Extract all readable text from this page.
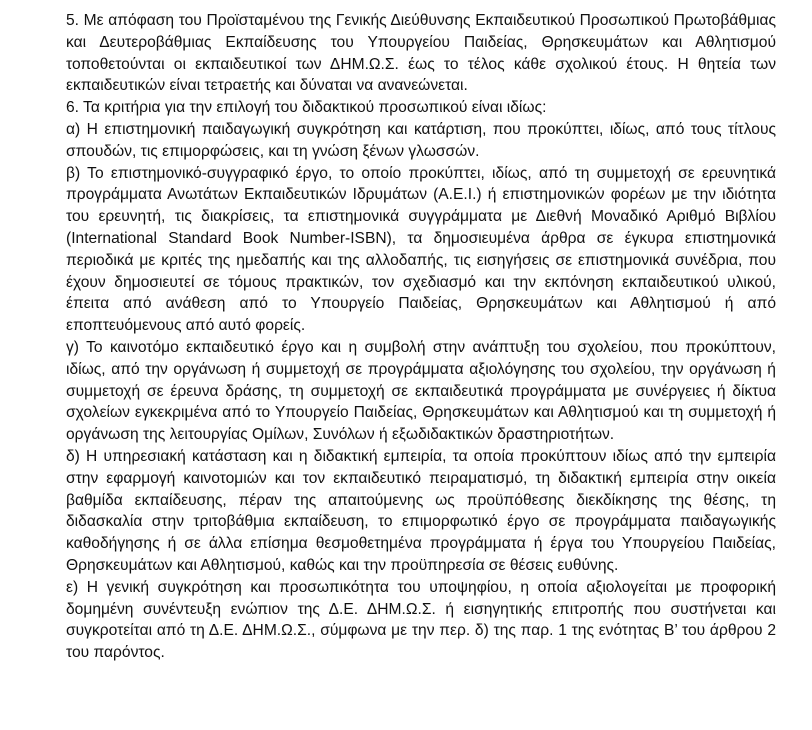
5. Με απόφαση του Προϊσταμένου της Γενικής Διεύθυνσης Εκπαιδευτικού Προσωπικού Πρωτοβάθμιας και Δευτεροβάθμιας Εκπαίδευσης του Υπουργείου Παιδείας, Θρησκευμάτων και Αθλητισμού τοποθετούνται οι εκπαιδευτικοί των ΔΗΜ.Ω.Σ. έως το τέλος κάθε σχολικού έτους. Η θητεία των εκπαιδευτικών είναι τετραετής και δύναται να ανανεώνεται.

6. Τα κριτήρια για την επιλογή του διδακτικού προσωπικού είναι ιδίως:

α) Η επιστημονική παιδαγωγική συγκρότηση και κατάρτιση, που προκύπτει, ιδίως, από τους τίτλους σπουδών, τις επιμορφώσεις, και τη γνώση ξένων γλωσσών.

β) Το επιστημονικό-συγγραφικό έργο, το οποίο προκύπτει, ιδίως, από τη συμμετοχή σε ερευνητικά προγράμματα Ανωτάτων Εκπαιδευτικών Ιδρυμάτων (Α.Ε.Ι.) ή επιστημονικών φορέων με την ιδιότητα του ερευνητή, τις διακρίσεις, τα επιστημονικά συγγράμματα με Διεθνή Μοναδικό Αριθμό Βιβλίου (International Standard Book Number-ISBN), τα δημοσιευμένα άρθρα σε έγκυρα επιστημονικά περιοδικά με κριτές της ημεδαπής και της αλλοδαπής, τις εισηγήσεις σε επιστημονικά συνέδρια, που έχουν δημοσιευτεί σε τόμους πρακτικών, τον σχεδιασμό και την εκπόνηση εκπαιδευτικού υλικού, έπειτα από ανάθεση από το Υπουργείο Παιδείας, Θρησκευμάτων και Αθλητισμού ή από εποπτευόμενους από αυτό φορείς.

γ) Το καινοτόμο εκπαιδευτικό έργο και η συμβολή στην ανάπτυξη του σχολείου, που προκύπτουν, ιδίως, από την οργάνωση ή συμμετοχή σε προγράμματα αξιολόγησης του σχολείου, την οργάνωση ή συμμετοχή σε έρευνα δράσης, τη συμμετοχή σε εκπαιδευτικά προγράμματα με συνέργειες ή δίκτυα σχολείων εγκεκριμένα από το Υπουργείο Παιδείας, Θρησκευμάτων και Αθλητισμού και τη συμμετοχή ή οργάνωση της λειτουργίας Ομίλων, Συνόλων ή εξωδιδακτικών δραστηριοτήτων.

δ) Η υπηρεσιακή κατάσταση και η διδακτική εμπειρία, τα οποία προκύπτουν ιδίως από την εμπειρία στην εφαρμογή καινοτομιών και τον εκπαιδευτικό πειραματισμό, τη διδακτική εμπειρία στην οικεία βαθμίδα εκπαίδευσης, πέραν της απαιτούμενης ως προϋπόθεσης διεκδίκησης της θέσης, τη διδασκαλία στην τριτοβάθμια εκπαίδευση, το επιμορφωτικό έργο σε προγράμματα παιδαγωγικής καθοδήγησης ή σε άλλα επίσημα θεσμοθετημένα προγράμματα ή έργα του Υπουργείου Παιδείας, Θρησκευμάτων και Αθλητισμού, καθώς και την προϋπηρεσία σε θέσεις ευθύνης.

ε) Η γενική συγκρότηση και προσωπικότητα του υποψηφίου, η οποία αξιολογείται με προφορική δομημένη συνέντευξη ενώπιον της Δ.Ε. ΔΗΜ.Ω.Σ. ή εισηγητικής επιτροπής που συστήνεται και συγκροτείται από τη Δ.Ε. ΔΗΜ.Ω.Σ., σύμφωνα με την περ. δ) της παρ. 1 της ενότητας Β’ του άρθρου 2 του παρόντος.
